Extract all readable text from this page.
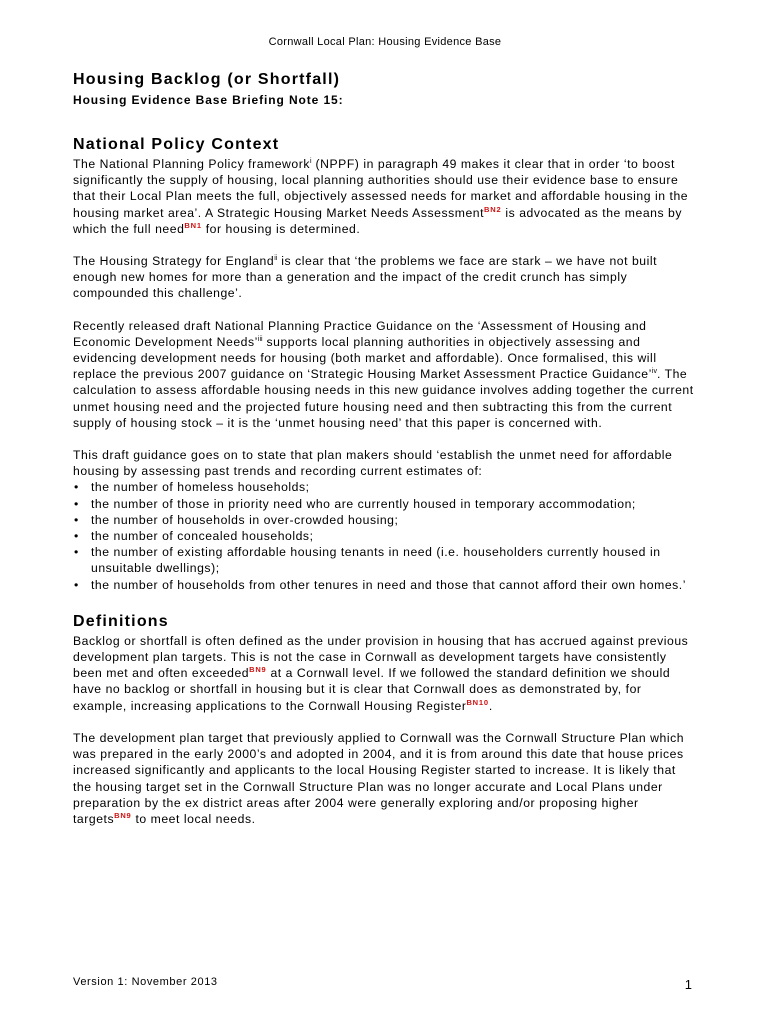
Cornwall Local Plan: Housing Evidence Base
Housing Backlog (or Shortfall)
Housing Evidence Base Briefing Note 15:
National Policy Context

The National Planning Policy framework$^i$ (NPPF) in paragraph 49 makes it clear that in order ‘to boost significantly the supply of housing, local planning authorities should use their evidence base to ensure that their Local Plan meets the full, objectively assessed needs for market and affordable housing in the housing market area’. A Strategic Housing Market Needs Assessment$^{BN2}$ is advocated as the means by which the full need$^{BN1}$ for housing is determined.

The Housing Strategy for England$^{ii}$ is clear that ‘the problems we face are stark – we have not built enough new homes for more than a generation and the impact of the credit crunch has simply compounded this challenge’.

Recently released draft National Planning Practice Guidance on the ‘Assessment of Housing and Economic Development Needs’$^{iii}$ supports local planning authorities in objectively assessing and evidencing development needs for housing (both market and affordable). Once formalised, this will replace the previous 2007 guidance on ‘Strategic Housing Market Assessment Practice Guidance’$^{iv}$. The calculation to assess affordable housing needs in this new guidance involves adding together the current unmet housing need and the projected future housing need and then subtracting this from the current supply of housing stock – it is the ‘unmet housing need’ that this paper is concerned with.

This draft guidance goes on to state that plan makers should ‘establish the unmet need for affordable housing by assessing past trends and recording current estimates of:

• the number of homeless households;
• the number of those in priority need who are currently housed in temporary accommodation;
• the number of households in over-crowded housing;
• the number of concealed households;
• the number of existing affordable housing tenants in need (i.e. householders currently housed in unsuitable dwellings);
• the number of households from other tenures in need and those that cannot afford their own homes.’
Definitions

Backlog or shortfall is often defined as the under provision in housing that has accrued against previous development plan targets. This is not the case in Cornwall as development targets have consistently been met and often exceeded$^{BN9}$ at a Cornwall level. If we followed the standard definition we should have no backlog or shortfall in housing but it is clear that Cornwall does as demonstrated by, for example, increasing applications to the Cornwall Housing Register$^{BN10}$.

The development plan target that previously applied to Cornwall was the Cornwall Structure Plan which was prepared in the early 2000’s and adopted in 2004, and it is from around this date that house prices increased significantly and applicants to the local Housing Register started to increase. It is likely that the housing target set in the Cornwall Structure Plan was no longer accurate and Local Plans under preparation by the ex district areas after 2004 were generally exploring and/or proposing higher targets$^{BN9}$ to meet local needs.

Version 1: November 2013	1
